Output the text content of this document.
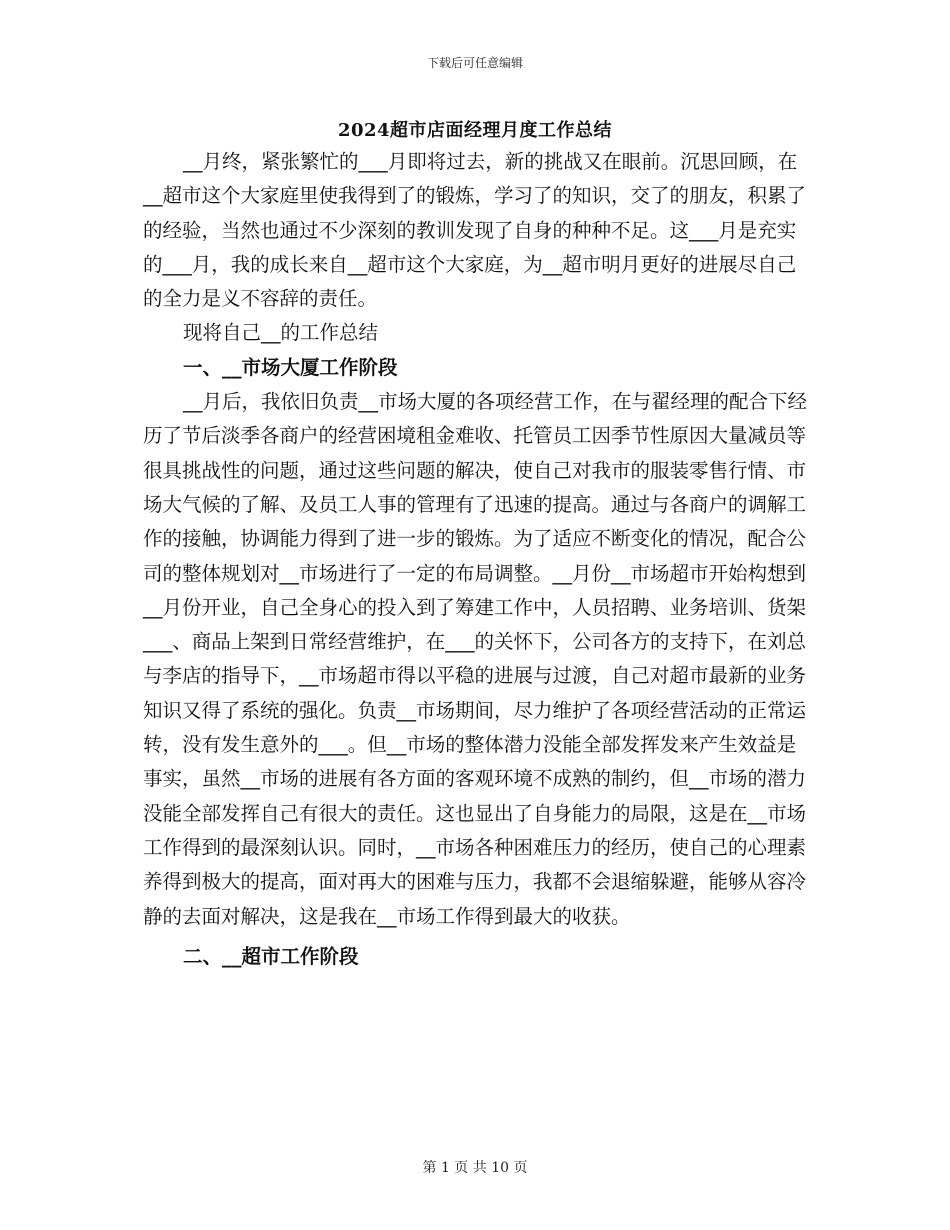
下载后可任意编辑
2024超市店面经理月度工作总结

__月终，紧张繁忙的___月即将过去，新的挑战又在眼前。沉思回顾，在__超市这个大家庭里使我得到了的锻炼，学习了的知识，交了的朋友，积累了的经验，当然也通过不少深刻的教训发现了自身的种种不足。这___月是充实的___月，我的成长来自__超市这个大家庭，为__超市明月更好的进展尽自己的全力是义不容辞的责任。

现将自己__的工作总结

一、__市场大厦工作阶段

__月后，我依旧负责__市场大厦的各项经营工作，在与翟经理的配合下经历了节后淡季各商户的经营困境租金难收、托管员工因季节性原因大量减员等很具挑战性的问题，通过这些问题的解决，使自己对我市的服装零售行情、市场大气候的了解、及员工人事的管理有了迅速的提高。通过与各商户的调解工作的接触，协调能力得到了进一步的锻炼。为了适应不断变化的情况，配合公司的整体规划对__市场进行了一定的布局调整。__月份__市场超市开始构想到__月份开业，自己全身心的投入到了筹建工作中，人员招聘、业务培训、货架___、商品上架到日常经营维护，在___的关怀下，公司各方的支持下，在刘总与李店的指导下，__市场超市得以平稳的进展与过渡，自己对超市最新的业务知识又得了系统的强化。负责__市场期间，尽力维护了各项经营活动的正常运转，没有发生意外的___。但__市场的整体潜力没能全部发挥发来产生效益是事实，虽然__市场的进展有各方面的客观环境不成熟的制约，但__市场的潜力没能全部发挥自己有很大的责任。这也显出了自身能力的局限，这是在__市场工作得到的最深刻认识。同时，__市场各种困难压力的经历，使自己的心理素养得到极大的提高，面对再大的困难与压力，我都不会退缩躲避，能够从容冷静的去面对解决，这是我在__市场工作得到最大的收获。

二、__超市工作阶段

第 1 页 共 10 页
